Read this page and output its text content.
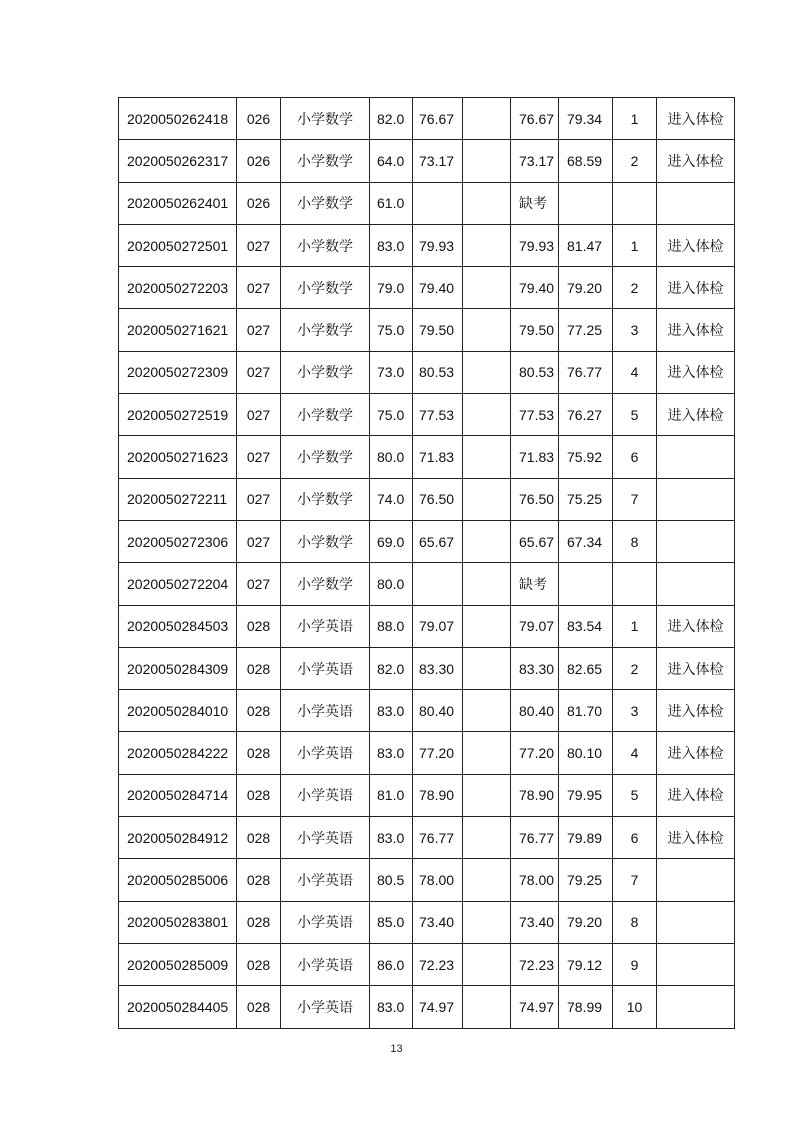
2020050262418	026	小学数学	82.0	76.67		76.67	79.34	1	进入体检
2020050262317	026	小学数学	64.0	73.17		73.17	68.59	2	进入体检
2020050262401	026	小学数学	61.0			缺考			
2020050272501	027	小学数学	83.0	79.93		79.93	81.47	1	进入体检
2020050272203	027	小学数学	79.0	79.40		79.40	79.20	2	进入体检
2020050271621	027	小学数学	75.0	79.50		79.50	77.25	3	进入体检
2020050272309	027	小学数学	73.0	80.53		80.53	76.77	4	进入体检
2020050272519	027	小学数学	75.0	77.53		77.53	76.27	5	进入体检
2020050271623	027	小学数学	80.0	71.83		71.83	75.92	6	
2020050272211	027	小学数学	74.0	76.50		76.50	75.25	7	
2020050272306	027	小学数学	69.0	65.67		65.67	67.34	8	
2020050272204	027	小学数学	80.0			缺考			
2020050284503	028	小学英语	88.0	79.07		79.07	83.54	1	进入体检
2020050284309	028	小学英语	82.0	83.30		83.30	82.65	2	进入体检
2020050284010	028	小学英语	83.0	80.40		80.40	81.70	3	进入体检
2020050284222	028	小学英语	83.0	77.20		77.20	80.10	4	进入体检
2020050284714	028	小学英语	81.0	78.90		78.90	79.95	5	进入体检
2020050284912	028	小学英语	83.0	76.77		76.77	79.89	6	进入体检
2020050285006	028	小学英语	80.5	78.00		78.00	79.25	7	
2020050283801	028	小学英语	85.0	73.40		73.40	79.20	8	
2020050285009	028	小学英语	86.0	72.23		72.23	79.12	9	
2020050284405	028	小学英语	83.0	74.97		74.97	78.99	10	
13
